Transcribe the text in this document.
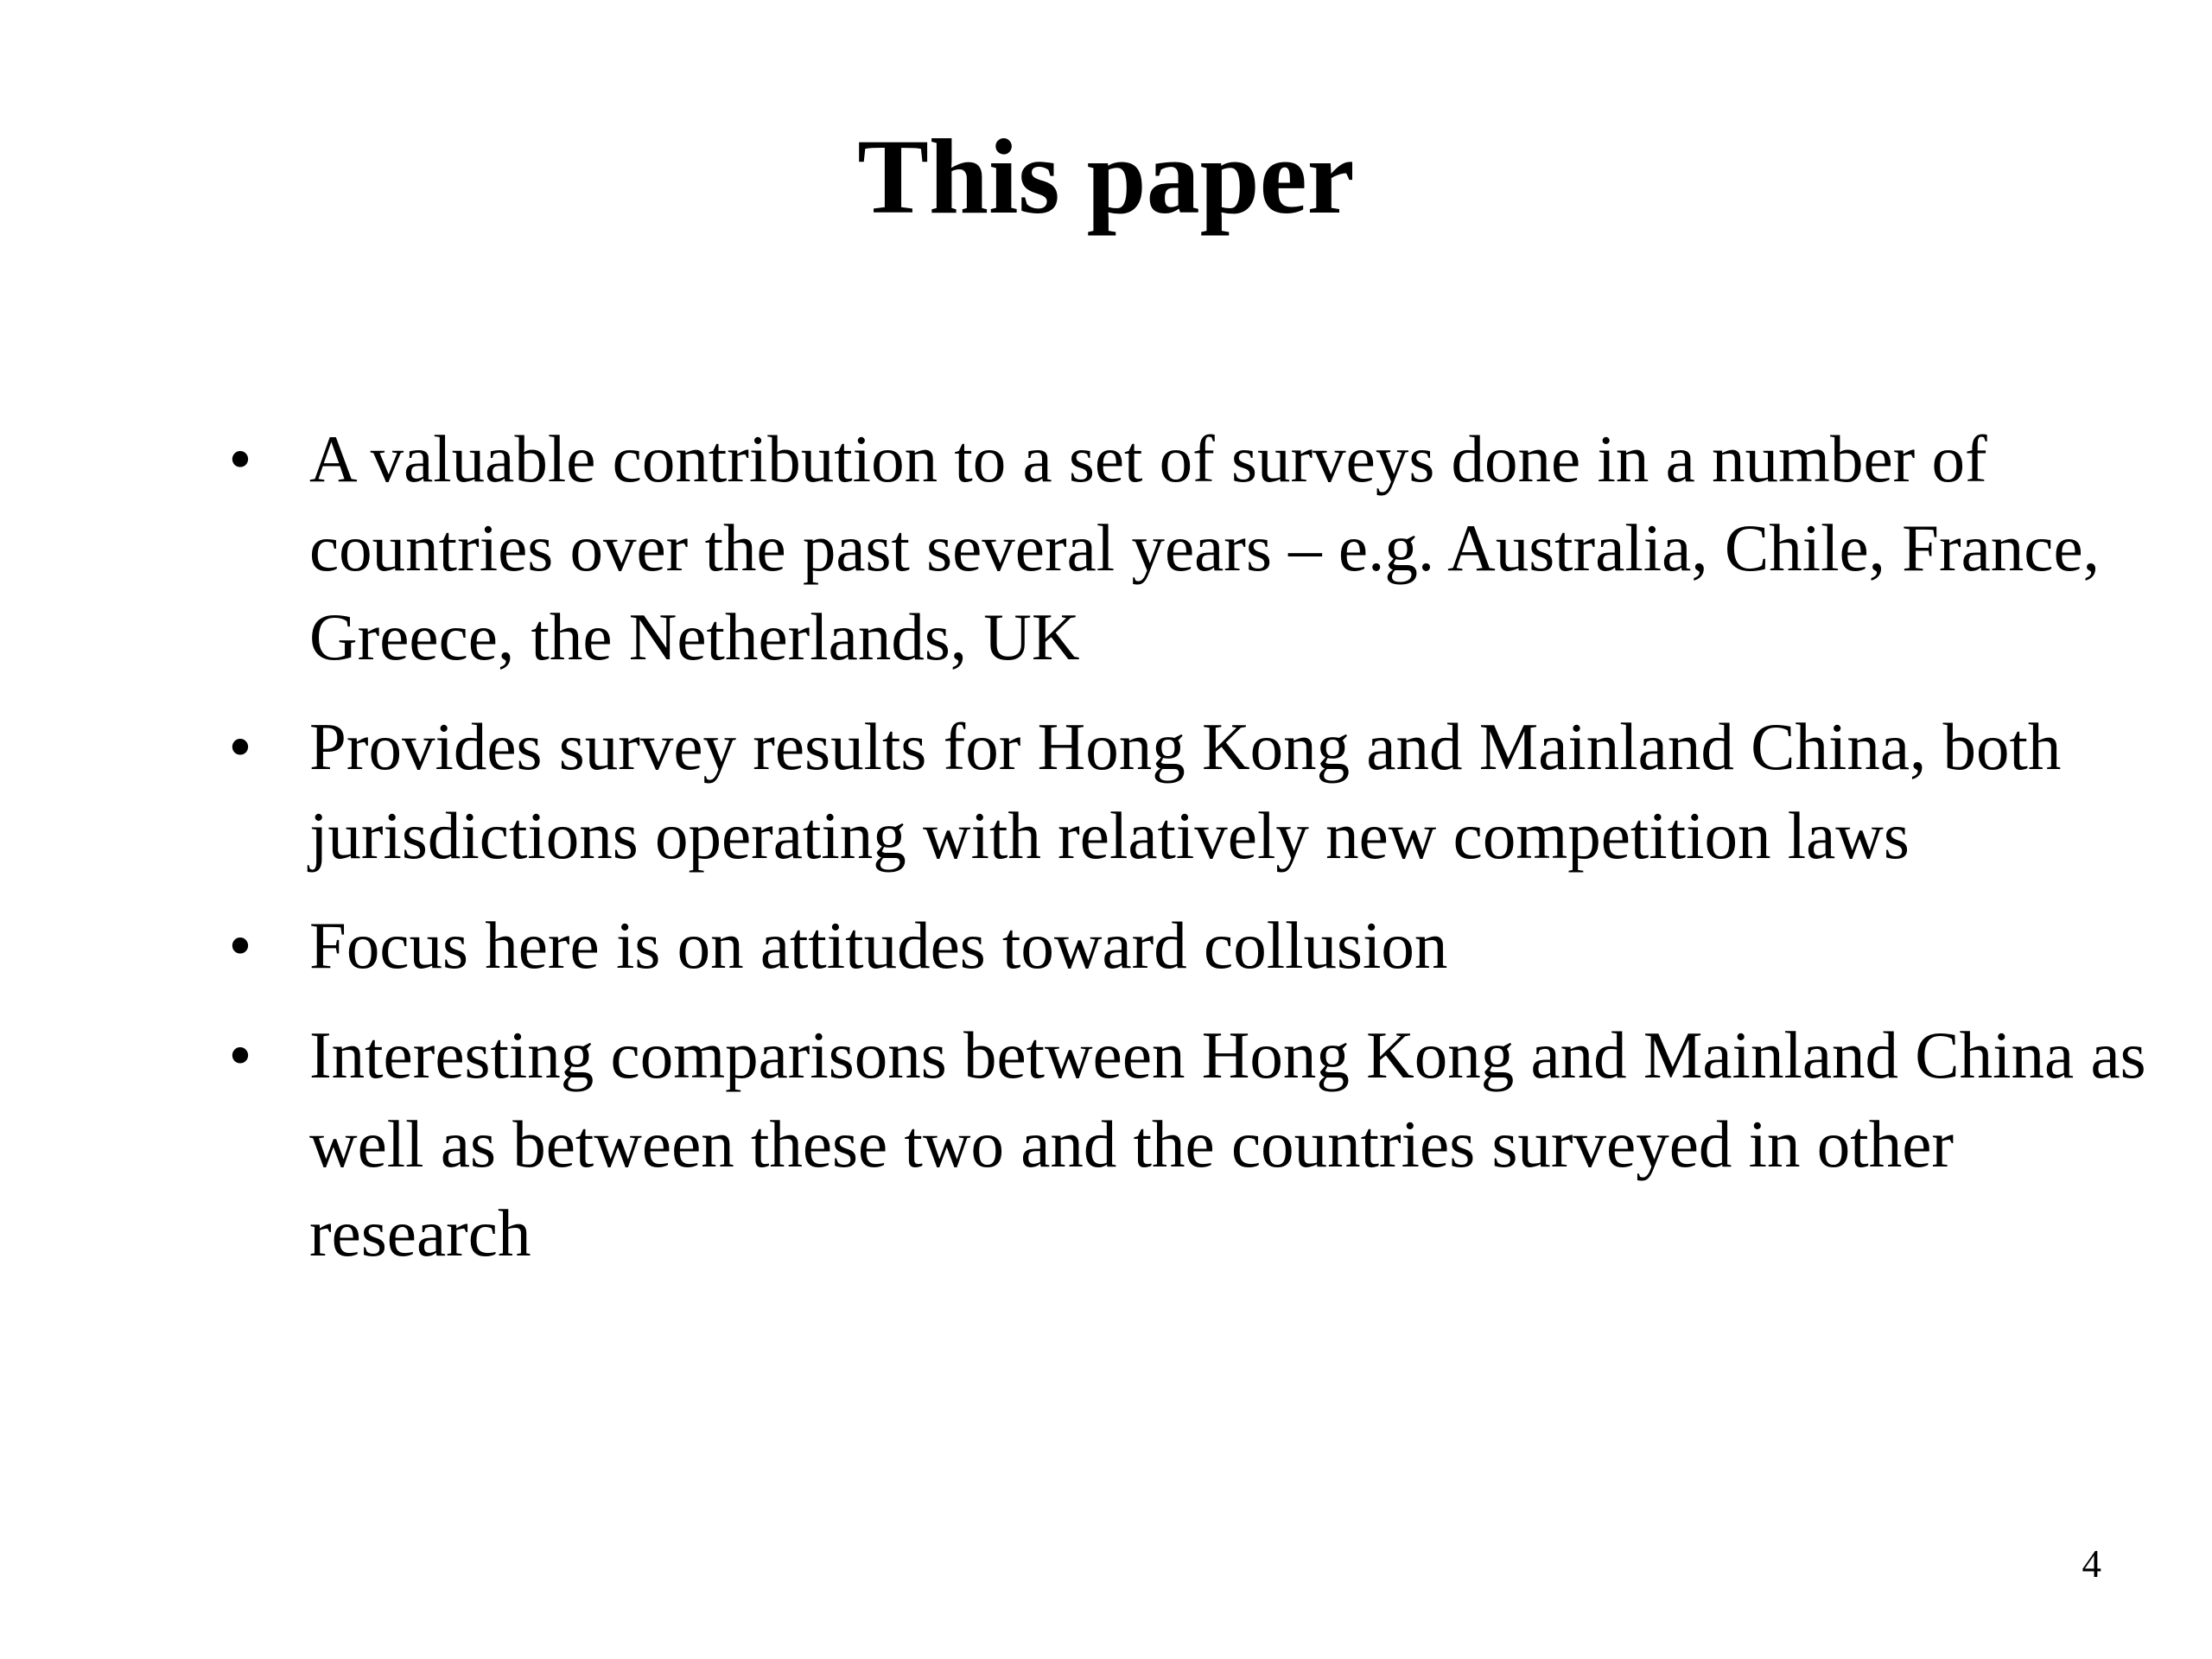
This paper
• A valuable contribution to a set of surveys done in a number of countries over the past several years – e.g. Australia, Chile, France, Greece, the Netherlands, UK
• Provides survey results for Hong Kong and Mainland China, both jurisdictions operating with relatively new competition laws
• Focus here is on attitudes toward collusion
• Interesting comparisons between Hong Kong and Mainland China as well as between these two and the countries surveyed in other research
4
